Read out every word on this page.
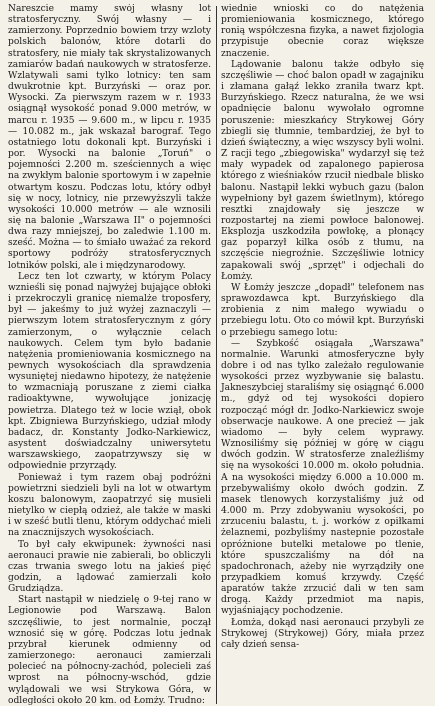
Nareszcie mamy swój własny lot stratosferyczny. Swój własny — i zamierzony. Poprzednio bowiem trzy wzloty polskich balonów, które dotarli do stratosfery, nie miały tak skrystalizowanych zamiarów badań naukowych w stratosferze. Wzlatywali sami tylko lotnicy: ten sam dwukrotnie kpt. Burzyński — oraz por. Wysocki. Za pierwszym razem w r. 1933 osiągnął wysokość ponad 9.000 metrów, w marcu r. 1935 — 9.600 m., w lipcu r. 1935 — 10.082 m., jak wskazał barograf. Tego ostatniego lotu dokonali kpt. Burzyński i por. Wysocki na balonie „Toruń" o pojemności 2.200 m. sześciennych a więc na zwykłym balonie sportowym i w zapełnie otwartym koszu. Podczas lotu, który odbył się w nocy, lotnicy, nie przewyższyli także wysokości 10.000 metrów — ale wznosili się na balonie „Warszawa II" o pojemności dwa razy mniejszej, bo zaledwie 1.100 m. sześć. Można — to śmiało uważać za rekord sportowy podróży stratosferycznych lotników polski, ale i międzynarodowy.

Lecz ten lot czwarty, w którym Polacy wznieśli się ponad najwyżej bujające obłoki i przekroczyli granicę niemalże troposfery, był — jakeśmy to już wyżej zaznaczyli — pierwszym lotem stratosferycznym z góry zamierzonym, o wyłącznie celach naukowych. Celem tym było badanie natężenia promieniowania kosmicznego na pewnych wysokościach dla sprawdzenia wysuniętej niedawno hipotezy, że natężenie to wzmacniają poruszane z ziemi ciałka radioaktywne, wywołujące jonizację powietrza. Dlatego też w locie wziął, obok kpt. Zbigniewa Burzyńskiego, udział młody badacz, dr. Konstanty Jodko-Narkiewicz, asystent doświadczalny uniwersytetu warszawskiego, zaopatrzywszy się w odpowiednie przyrządy.

Ponieważ i tym razem obaj podróżni powietrzni siedzieli byli na lot w otwartym koszu balonowym, zaopatrzyć się musieli nietylko w ciepłą odzież, ale także w maski i w sześć butli tlenu, którym oddychać mieli na znacznijszych wysokościach.

To był cały ekwipunek: żywności nasi aeronauci prawie nie zabierali, bo obliczyli czas trwania swego lotu na jakieś pięć godzin, a lądować zamierzali koło Grudziądza.

Start nastąpił w niedzielę o 9-tej rano w Legionowie pod Warszawą. Balon szczęśliwie, to jest normalnie, począł wznosić się w górę. Podczas lotu jednak przybrał kierunek odmienny od zamierzonego: aeronauci zamierzali polecieć na północny-zachód, polecieli zaś wprost na północny-wschód, gdzie wylądowali we wsi Strykowa Góra, w odległości około 20 km. od Łomży. Trudno:

wiednie wnioski co do natężenia promieniowania kosmicznego, którego ronią współczesna fizyka, a nawet fizjologia przypisuje obecnie coraz większe znaczenie.

Lądowanie balonu także odbyło się szczęśliwie — choć balon opadł w zagajniku i złamana gałąź lekko zraniła twarz kpt. Burzyńskiego. Rzecz naturalna, że we wsi opadnięcie balonu wywołało ogromne poruszenie: mieszkańcy Strykowej Góry zbiegli się tłumnie, tembardziej, że był to dzień świąteczny, a więc wszyscy byli wolni. Z racji tego „zbiegowiska" wydarzył się też mały wypadek od zapalonego papierosa którego z wieśniaków rzucił niedbale blisko balonu. Nastąpił lekki wybuch gazu (balon wypełniony był gazem świetlnym), którego resztki znajdowały się jeszcze w rozpostartej na ziemi powłoce balonowej. Eksplozja uszkodziła powłokę, a płonący gaz poparzył kilka osób z tłumu, na szczęście niegroźnie. Szczęśliwie lotnicy zapakowali swój „sprzęt" i odjechali do Łomży.

W Łomży jeszcze „dopadł" telefonem nas sprawozdawca kpt. Burzyńskiego dla zrobienia z nim małego wywiadu o przebiegu lotu. Oto co mówił kpt. Burzyński o przebiegu samego lotu:

— Szybkość osiągała „Warszawa" normalnie. Warunki atmosferyczne były dobre i od nas tylko zależało regulowanie wysokości przez wyzbywanie się balastu. Jakneszybciej staraliśmy się osiągnąć 6.000 m., gdyż od tej wysokości dopiero rozpocząć mógł dr. Jodko-Narkiewicz swoje obserwacje naukowe. A one precież — jak wiadomo — były celem wyprawy. Wznosiliśmy się później w górę w ciągu dwóch godzin. W stratosferze znaleźliśmy się na wysokości 10.000 m. około południa. A na wysokości między 6.000 a 10.000 m. przebywaliśmy około dwóch godzin. Z masek tlenowych korzystaliśmy już od 4.000 m. Przy zdobywaniu wysokości, po zrzuceniu balastu, t. j. worków z opiłkami żelaznemi, pozbyliśmy nastepnie pozostałe opróżnione butelki metalowe po tlenie, które spuszczaliśmy na dół na spadochronach, ażeby nie wyrządziły one przypadkiem komuś krzywdy. Część aparatów także zrzucić dali w ten sam drogą. Każdy przedmiot ma napis, wyjaśniający pochodzenie.

Łomża, dokąd nasi aeronauci przybyli ze Strykowej (Strykowej) Góry, miała przez cały dzień sensa-
